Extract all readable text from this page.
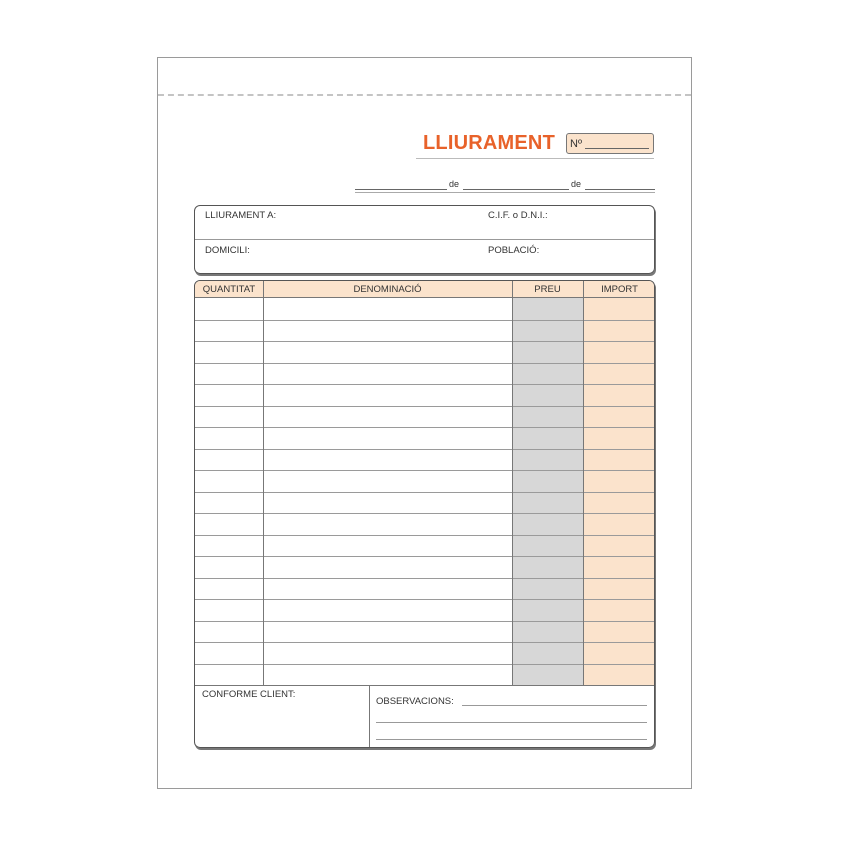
LLIURAMENT	Nº
de	de
LLIURAMENT A:	C.I.F. o D.N.I.:
DOMICILI:	POBLACIÓ:
QUANTITAT	DENOMINACIÓ	PREU	IMPORT
CONFORME CLIENT:
OBSERVACIONS:
